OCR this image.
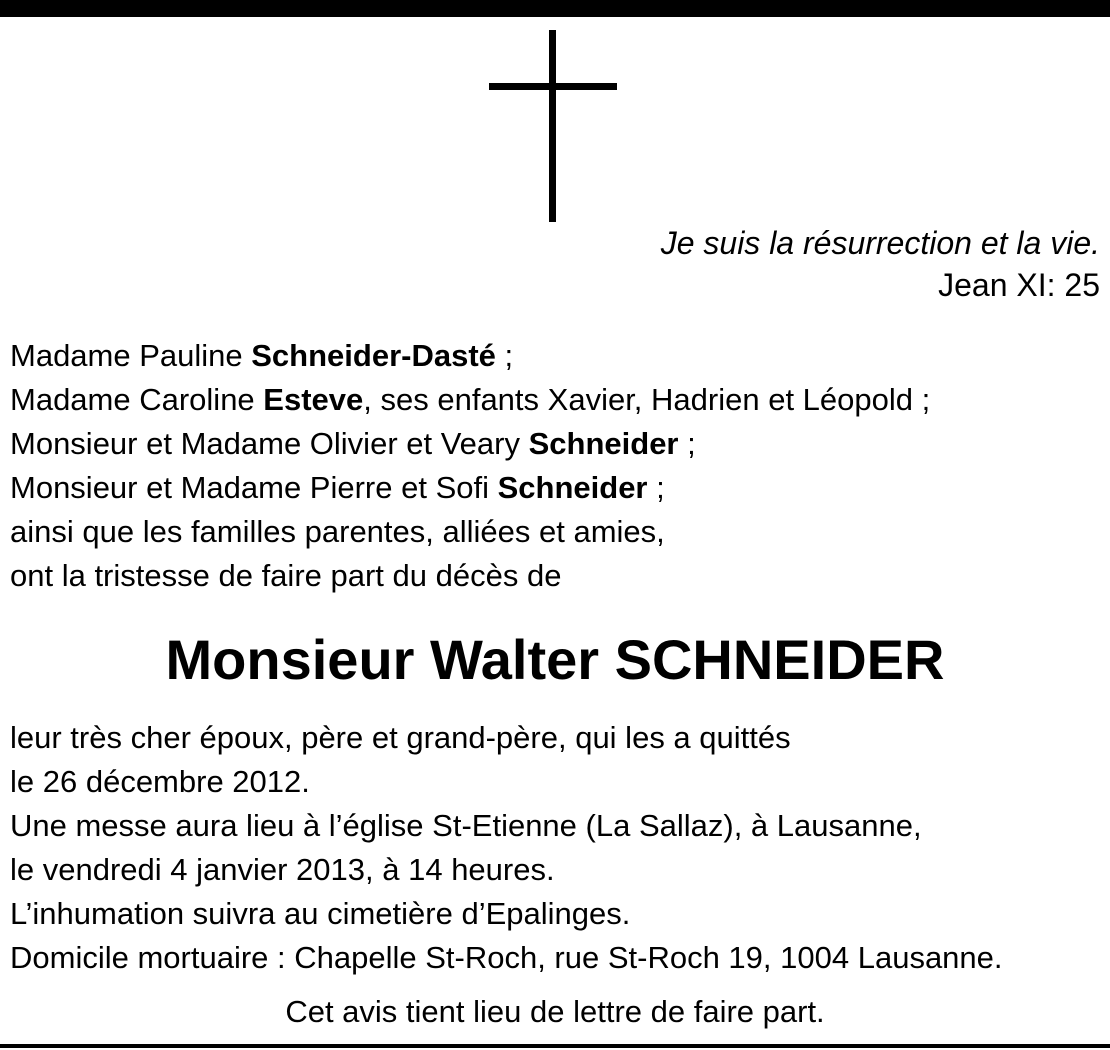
Je suis la résurrection et la vie.
Jean XI: 25
Madame Pauline Schneider-Dasté ;
Madame Caroline Esteve, ses enfants Xavier, Hadrien et Léopold ;
Monsieur et Madame Olivier et Veary Schneider ;
Monsieur et Madame Pierre et Sofi Schneider ;
ainsi que les familles parentes, alliées et amies,
ont la tristesse de faire part du décès de
Monsieur Walter SCHNEIDER
leur très cher époux, père et grand-père, qui les a quittés
le 26 décembre 2012.
Une messe aura lieu à l’église St-Etienne (La Sallaz), à Lausanne,
le vendredi 4 janvier 2013, à 14 heures.
L’inhumation suivra au cimetière d’Epalinges.
Domicile mortuaire : Chapelle St-Roch, rue St-Roch 19, 1004 Lausanne.
Cet avis tient lieu de lettre de faire part.
